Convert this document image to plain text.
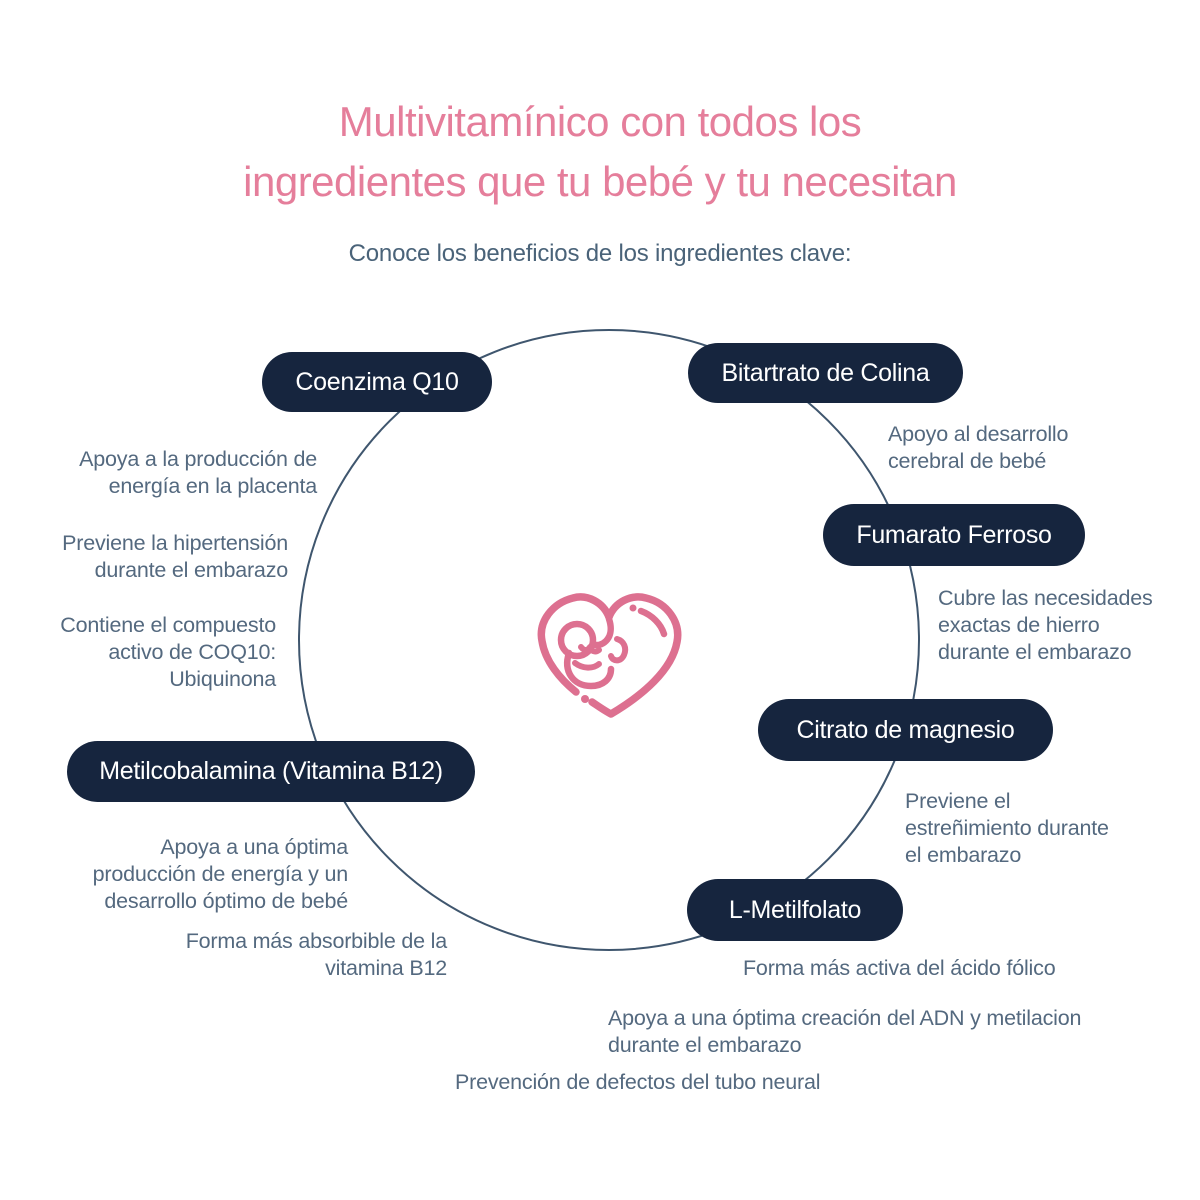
Multivitamínico con todos los
ingredientes que tu bebé y tu necesitan
Conoce los beneficios de los ingredientes clave:
Coenzima Q10	Bitartrato de Colina
Fumarato Ferroso
Citrato de magnesio
Metilcobalamina (Vitamina B12)
L-Metilfolato
Apoya a la producción de
energía en la placenta
Previene la hipertensión
durante el embarazo
Contiene el compuesto
activo de COQ10:
Ubiquinona
Apoyo al desarrollo
cerebral de bebé
Cubre las necesidades
exactas de hierro
durante el embarazo
Previene el
estreñimiento durante
el embarazo
Apoya a una óptima
producción de energía y un
desarrollo óptimo de bebé
Forma más absorbible de la
vitamina B12	Forma más activa del ácido fólico
Apoya a una óptima creación del ADN y metilacion
durante el embarazo
Prevención de defectos del tubo neural
